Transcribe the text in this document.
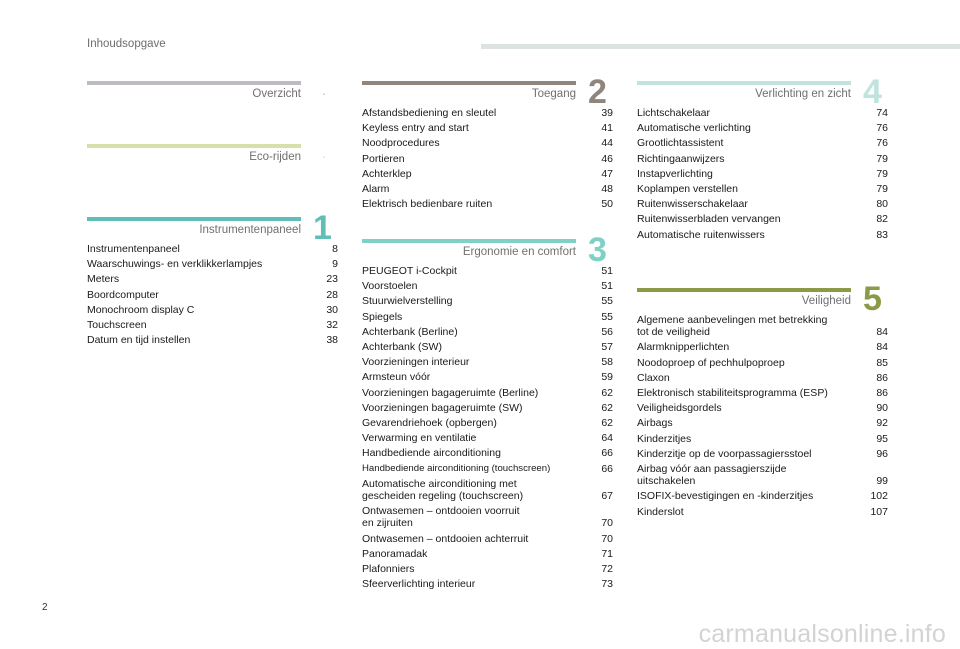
Inhoudsopgave
Overzicht .
Eco-rijden .
Instrumentenpaneel 1
Instrumentenpaneel	8
Waarschuwings- en verklikkerlampjes	9
Meters	23
Boordcomputer	28
Monochroom display C	30
Touchscreen	32
Datum en tijd instellen	38
Toegang 2
Afstandsbediening en sleutel	39
Keyless entry and start	41
Noodprocedures	44
Portieren	46
Achterklep	47
Alarm	48
Elektrisch bedienbare ruiten	50
Ergonomie en comfort 3
PEUGEOT i-Cockpit	51
Voorstoelen	51
Stuurwielverstelling	55
Spiegels	55
Achterbank (Berline)	56
Achterbank (SW)	57
Voorzieningen interieur	58
Armsteun vóór	59
Voorzieningen bagageruimte (Berline)	62
Voorzieningen bagageruimte (SW)	62
Gevarendriehoek (opbergen)	62
Verwarming en ventilatie	64
Handbediende airconditioning	66
Handbediende airconditioning (touchscreen)	66
Automatische airconditioning met
gescheiden regeling (touchscreen)	67
Ontwasemen – ontdooien voorruit
en zijruiten	70
Ontwasemen – ontdooien achterruit	70
Panoramadak	71
Plafonniers	72
Sfeerverlichting interieur	73
Verlichting en zicht 4
Lichtschakelaar	74
Automatische verlichting	76
Grootlichtassistent	76
Richtingaanwijzers	79
Instapverlichting	79
Koplampen verstellen	79
Ruitenwisserschakelaar	80
Ruitenwisserbladen vervangen	82
Automatische ruitenwissers	83
Veiligheid 5
Algemene aanbevelingen met betrekking
tot de veiligheid	84
Alarmknipperlichten	84
Noodoproep of pechhulpoproep	85
Claxon	86
Elektronisch stabiliteitsprogramma (ESP)	86
Veiligheidsgordels	90
Airbags	92
Kinderzitjes	95
Kinderzitje op de voorpassagiersstoel	96
Airbag vóór aan passagierszijde
uitschakelen	99
ISOFIX-bevestigingen en -kinderzitjes	102
Kinderslot	107
2
carmanualsonline.info
